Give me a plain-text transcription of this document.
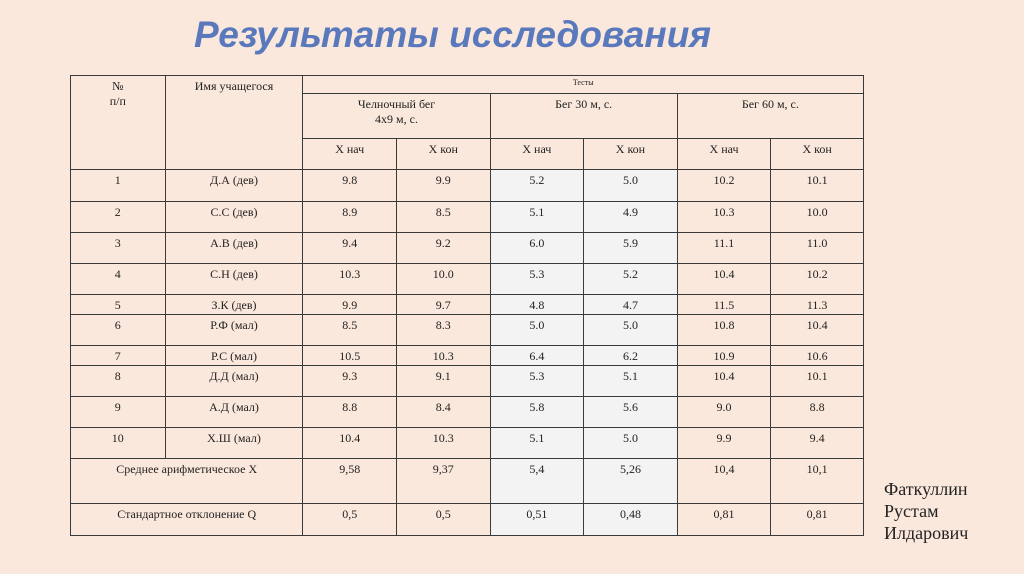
Результаты исследования
№
п/п	Имя учащегося	Тесты					

		Челночный бег
4х9 м, с.		Бег 30 м, с.		Бег 60 м, с.	

		Х нач	Х кон	Х нач	Х кон	Х нач	Х кон
1	Д.А (дев)	9.8	9.9	5.2	5.0	10.2	10.1
2	С.С (дев)	8.9	8.5	5.1	4.9	10.3	10.0
3	А.В (дев)	9.4	9.2	6.0	5.9	11.1	11.0
4	С.Н (дев)	10.3	10.0	5.3	5.2	10.4	10.2
5	З.К (дев)	9.9	9.7	4.8	4.7	11.5	11.3
6	Р.Ф (мал)	8.5	8.3	5.0	5.0	10.8	10.4
7	Р.С (мал)	10.5	10.3	6.4	6.2	10.9	10.6
8	Д.Д (мал)	9.3	9.1	5.3	5.1	10.4	10.1
9	А.Д (мал)	8.8	8.4	5.8	5.6	9.0	8.8
10	Х.Ш (мал)	10.4	10.3	5.1	5.0	9.9	9.4
Среднее арифметическое Х		9,58	9,37	5,4	5,26	10,4	10,1
Стандартное отклонение Q		0,5	0,5	0,51	0,48	0,81	0,81
Фаткуллин
Рустам
Илдарович
